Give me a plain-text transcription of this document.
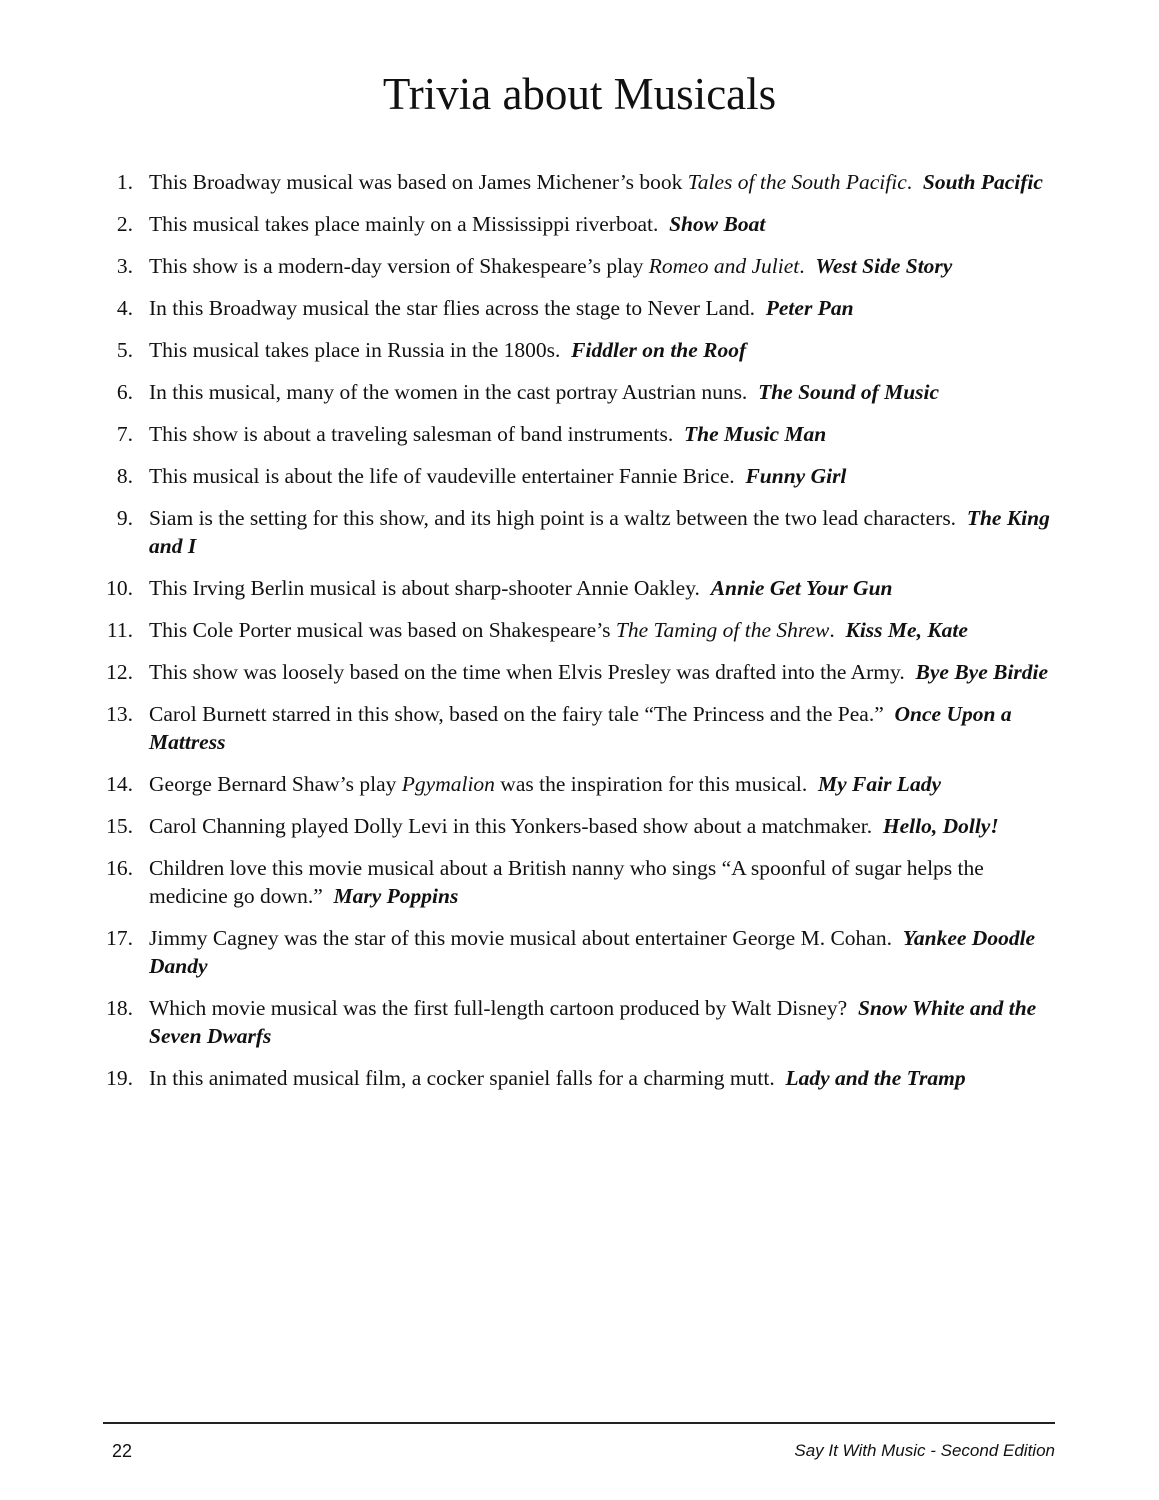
Trivia about Musicals
1. This Broadway musical was based on James Michener’s book Tales of the South Pacific. South Pacific
2. This musical takes place mainly on a Mississippi riverboat. Show Boat
3. This show is a modern-day version of Shakespeare’s play Romeo and Juliet. West Side Story
4. In this Broadway musical the star flies across the stage to Never Land. Peter Pan
5. This musical takes place in Russia in the 1800s. Fiddler on the Roof
6. In this musical, many of the women in the cast portray Austrian nuns. The Sound of Music
7. This show is about a traveling salesman of band instruments. The Music Man
8. This musical is about the life of vaudeville entertainer Fannie Brice. Funny Girl
9. Siam is the setting for this show, and its high point is a waltz between the two lead characters. The King and I
10. This Irving Berlin musical is about sharp-shooter Annie Oakley. Annie Get Your Gun
11. This Cole Porter musical was based on Shakespeare’s The Taming of the Shrew. Kiss Me, Kate
12. This show was loosely based on the time when Elvis Presley was drafted into the Army. Bye Bye Birdie
13. Carol Burnett starred in this show, based on the fairy tale “The Princess and the Pea.” Once Upon a Mattress
14. George Bernard Shaw’s play Pgymalion was the inspiration for this musical. My Fair Lady
15. Carol Channing played Dolly Levi in this Yonkers-based show about a matchmaker. Hello, Dolly!
16. Children love this movie musical about a British nanny who sings “A spoonful of sugar helps the medicine go down.” Mary Poppins
17. Jimmy Cagney was the star of this movie musical about entertainer George M. Cohan. Yankee Doodle Dandy
18. Which movie musical was the first full-length cartoon produced by Walt Disney? Snow White and the Seven Dwarfs
19. In this animated musical film, a cocker spaniel falls for a charming mutt. Lady and the Tramp
22	Say It With Music - Second Edition
